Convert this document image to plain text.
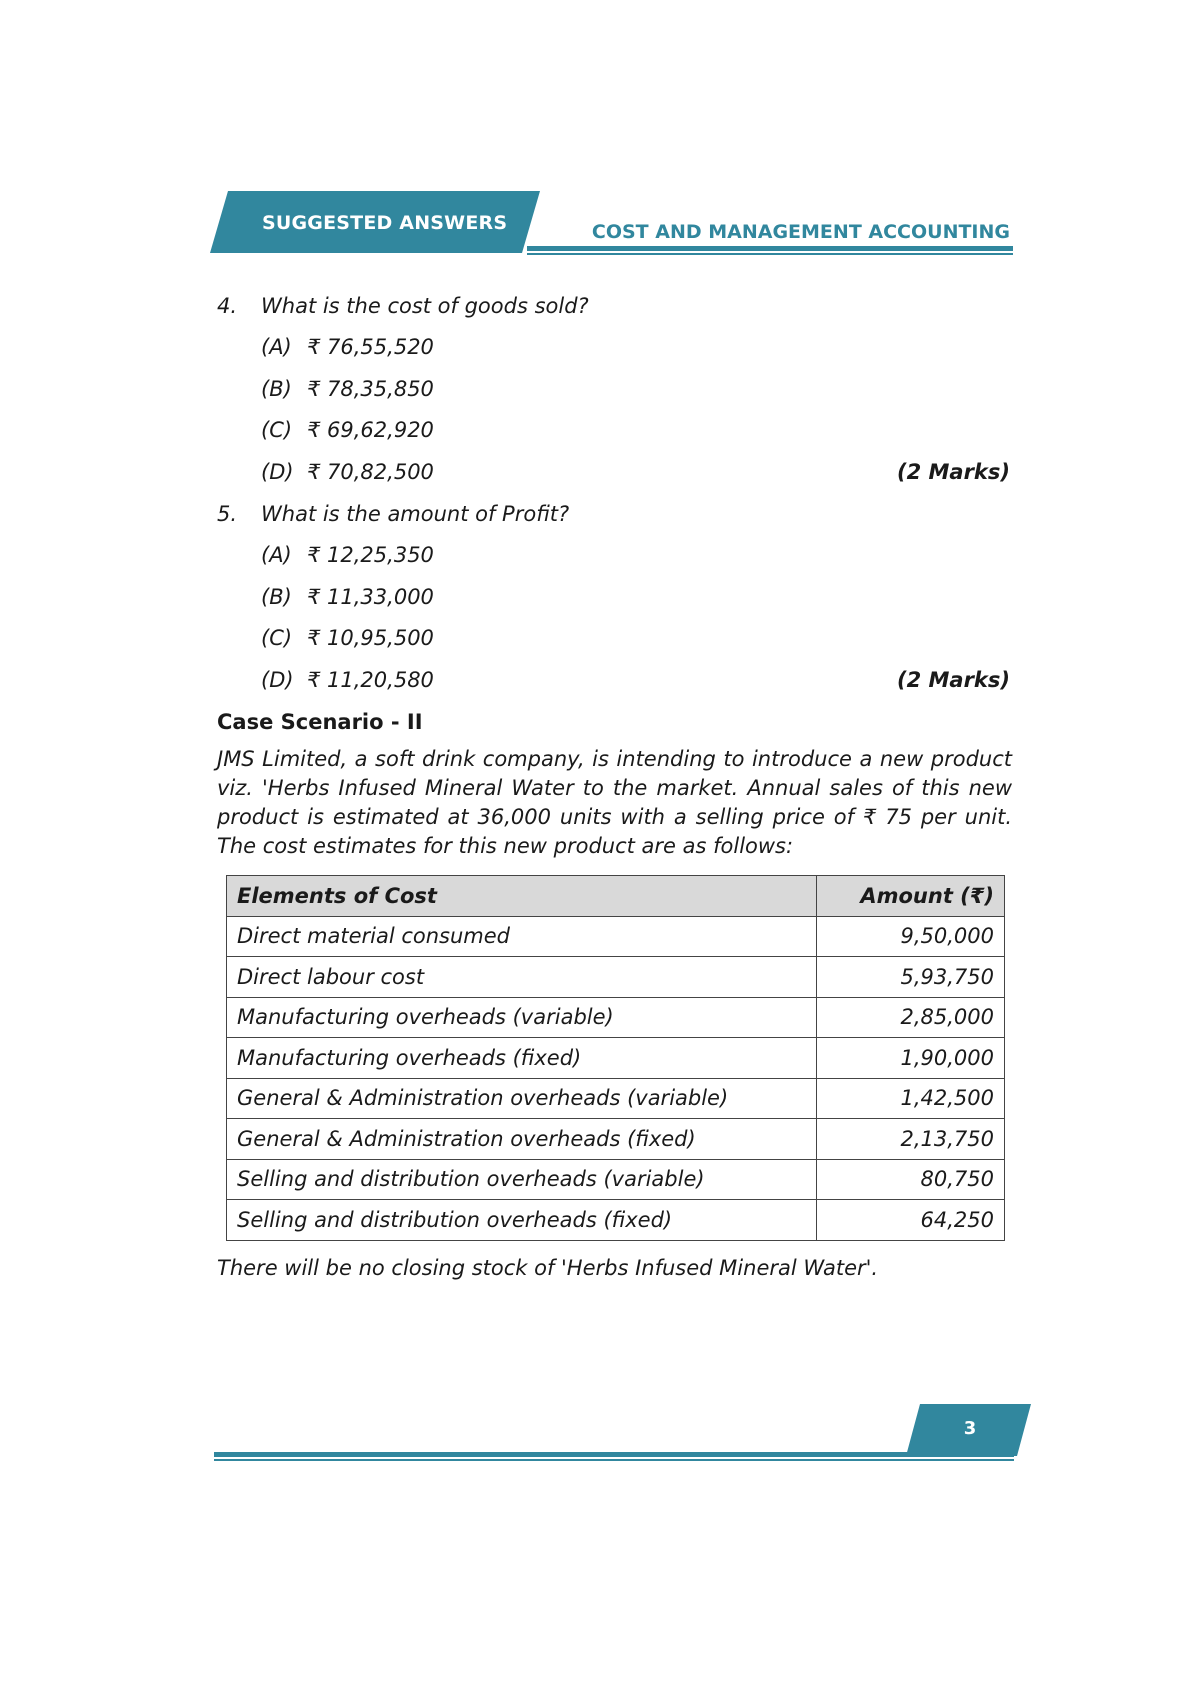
SUGGESTED ANSWERS	COST AND MANAGEMENT ACCOUNTING
4. What is the cost of goods sold?
(A) ₹ 76,55,520
(B) ₹ 78,35,850
(C) ₹ 69,62,920
(D) ₹ 70,82,500	(2 Marks)
5. What is the amount of Profit?
(A) ₹ 12,25,350
(B) ₹ 11,33,000
(C) ₹ 10,95,500
(D) ₹ 11,20,580	(2 Marks)
Case Scenario - II

JMS Limited, a soft drink company, is intending to introduce a new product viz. 'Herbs Infused Mineral Water to the market. Annual sales of this new product is estimated at 36,000 units with a selling price of ₹ 75 per unit. The cost estimates for this new product are as follows:

Elements of Cost	Amount (₹)
Direct material consumed	9,50,000
Direct labour cost	5,93,750
Manufacturing overheads (variable)	2,85,000
Manufacturing overheads (fixed)	1,90,000
General & Administration overheads (variable)	1,42,500
General & Administration overheads (fixed)	2,13,750
Selling and distribution overheads (variable)	80,750
Selling and distribution overheads (fixed)	64,250
There will be no closing stock of 'Herbs Infused Mineral Water'.
3
